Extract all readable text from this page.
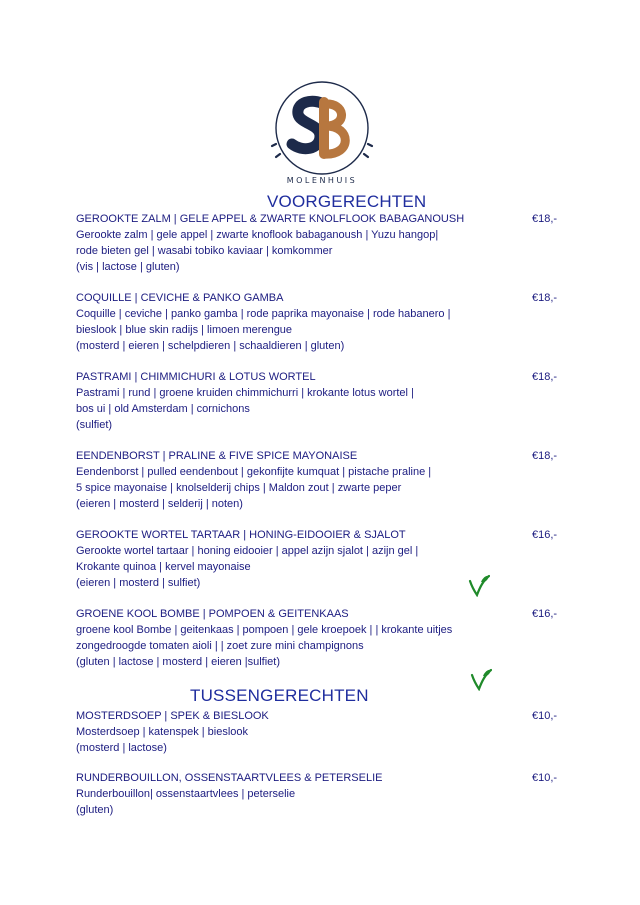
MOLENHUIS
VOORGERECHTEN
GEROOKTE ZALM | GELE APPEL & ZWARTE KNOLFLOOK BABAGANOUSH
Gerookte zalm | gele appel | zwarte knoflook babaganoush | Yuzu hangop|
rode bieten gel | wasabi tobiko kaviaar | komkommer
(vis | lactose | gluten)
€18,-
COQUILLE | CEVICHE & PANKO GAMBA
Coquille | ceviche | panko gamba | rode paprika mayonaise | rode habanero |
bieslook | blue skin radijs | limoen merengue
(mosterd | eieren | schelpdieren | schaaldieren | gluten)
€18,-
PASTRAMI | CHIMMICHURI & LOTUS WORTEL
Pastrami | rund | groene kruiden chimmichurri | krokante lotus wortel |
bos ui | old Amsterdam | cornichons
(sulfiet)
€18,-
EENDENBORST | PRALINE & FIVE SPICE MAYONAISE
Eendenborst | pulled eendenbout | gekonfijte kumquat | pistache praline |
5 spice mayonaise | knolselderij chips | Maldon zout | zwarte peper
(eieren | mosterd | selderij | noten)
€18,-
GEROOKTE WORTEL TARTAAR | HONING-EIDOOIER & SJALOT
Gerookte wortel tartaar | honing eidooier | appel azijn sjalot | azijn gel |
Krokante quinoa | kervel mayonaise
(eieren | mosterd | sulfiet)
€16,-
GROENE KOOL BOMBE | POMPOEN & GEITENKAAS
groene kool Bombe | geitenkaas | pompoen | gele kroepoek | | krokante uitjes
zongedroogde tomaten aioli | | zoet zure mini champignons
(gluten | lactose | mosterd | eieren |sulfiet)
€16,-
TUSSENGERECHTEN
MOSTERDSOEP | SPEK & BIESLOOK
Mosterdsoep | katenspek | bieslook
(mosterd | lactose)
€10,-
RUNDERBOUILLON, OSSENSTAARTVLEES & PETERSELIE
Runderbouillon| ossenstaartvlees | peterselie
(gluten)
€10,-
